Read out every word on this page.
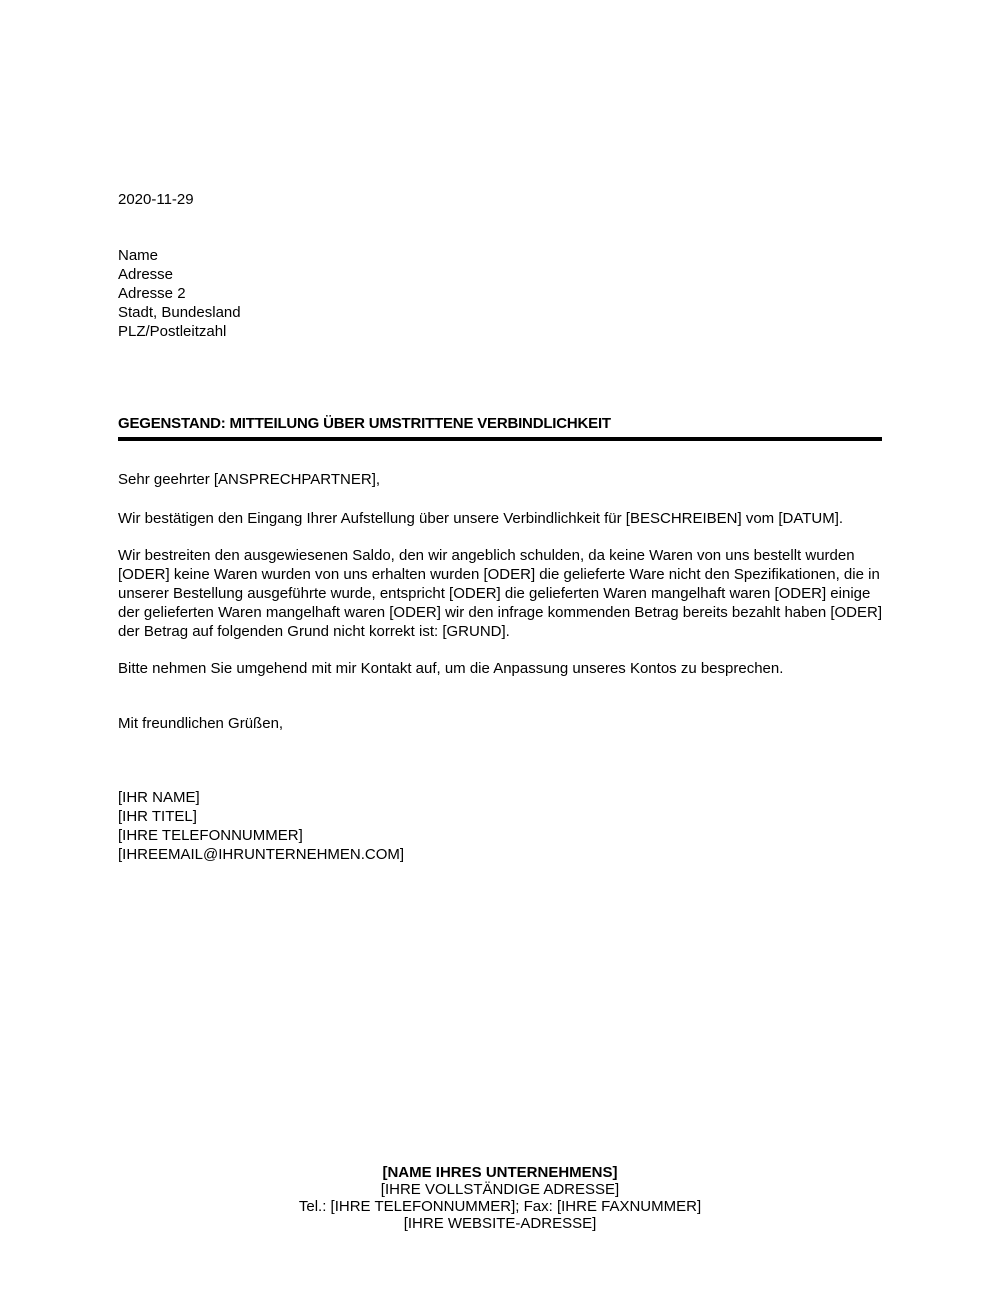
2020-11-29
Name
Adresse
Adresse 2
Stadt, Bundesland
PLZ/Postleitzahl
GEGENSTAND: MITTEILUNG ÜBER UMSTRITTENE VERBINDLICHKEIT
Sehr geehrter [ANSPRECHPARTNER],
Wir bestätigen den Eingang Ihrer Aufstellung über unsere Verbindlichkeit für [BESCHREIBEN] vom [DATUM].
Wir bestreiten den ausgewiesenen Saldo, den wir angeblich schulden, da keine Waren von uns bestellt wurden [ODER] keine Waren wurden von uns erhalten wurden [ODER] die gelieferte Ware nicht den Spezifikationen, die in unserer Bestellung ausgeführte wurde, entspricht [ODER] die gelieferten Waren mangelhaft waren [ODER] einige der gelieferten Waren mangelhaft waren [ODER] wir den infrage kommenden Betrag bereits bezahlt haben [ODER] der Betrag auf folgenden Grund nicht korrekt ist: [GRUND].
Bitte nehmen Sie umgehend mit mir Kontakt auf, um die Anpassung unseres Kontos zu besprechen.
Mit freundlichen Grüßen,
[IHR NAME]
[IHR TITEL]
[IHRE TELEFONNUMMER]
[IHREEMAIL@IHRUNTERNEHMEN.COM]
[NAME IHRES UNTERNEHMENS]
[IHRE VOLLSTÄNDIGE ADRESSE]
Tel.: [IHRE TELEFONNUMMER]; Fax: [IHRE FAXNUMMER]
[IHRE WEBSITE-ADRESSE]
